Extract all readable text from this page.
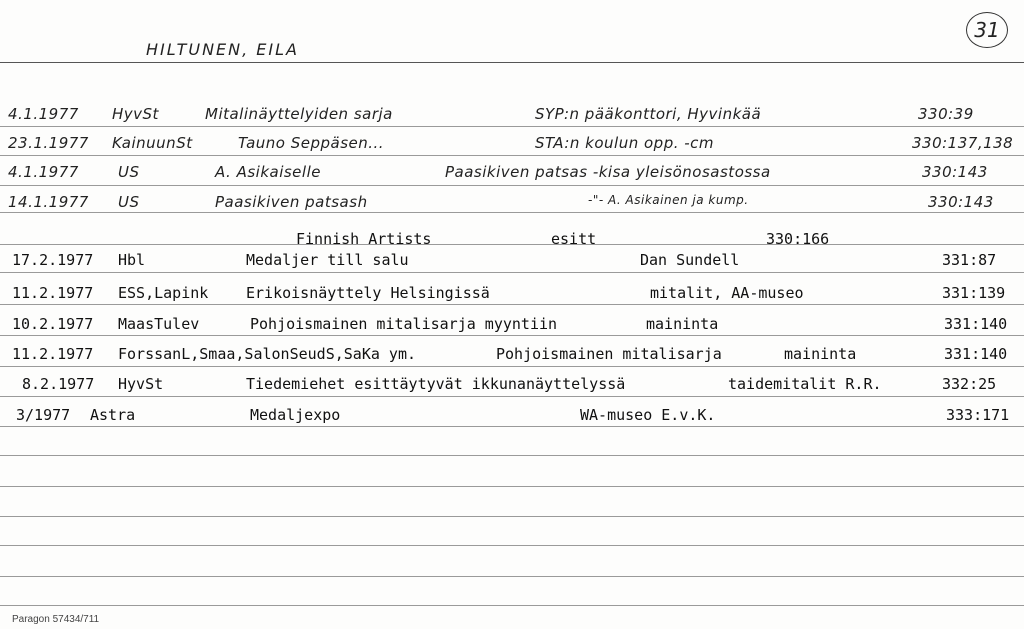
31
HILTUNEN, EILA
4.1.1977 HyvSt	Mitalinäyttelyiden sarja	SYP:n pääkonttori, Hyvinkää	330:39
23.1.1977 KainuunSt	Tauno Seppäsen...	STA:n koulun opp. -cm	330:137,138
4.1.1977	US	A. Asikaiselle	Paasikiven patsas -kisa yleisönosastossa	330:143
14.1.1977 US	Paasikiven patsash	-"- A. Asikainen ja kump.	330:143
Finnish Artists	esitt	330:166
17.2.1977 Hbl	Medaljer till salu	Dan Sundell	331:87
11.2.1977 ESS,Lapink	Erikoisnäyttely Helsingissä	mitalit, AA-museo	331:139
10.2.1977 MaasTulev	Pohjoismainen mitalisarja myyntiin	maininta	331:140
11.2.1977 ForssanL,Smaa,SalonSeudS,SaKa ym.	Pohjoismainen mitalisarja	maininta	331:140
8.2.1977 HyvSt	Tiedemiehet esittäytyvät ikkunanäyttelyssä	taidemitalit R.R.	332:25
3/1977 Astra	Medaljexpo	WA-museo E.v.K.	333:171
Paragon 57434/711
